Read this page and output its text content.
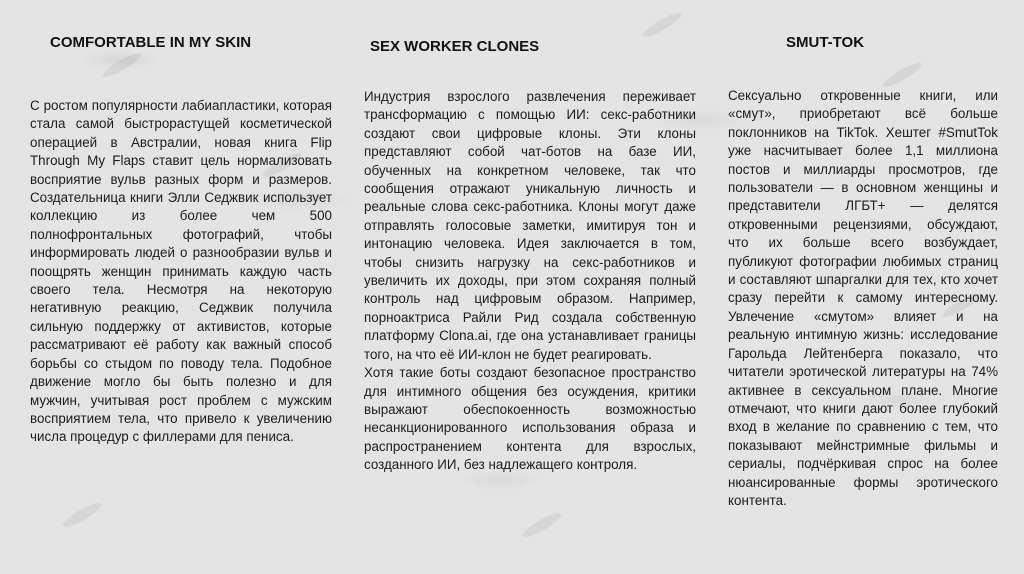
COMFORTABLE IN MY SKIN

С ростом популярности лабиапластики, которая стала самой быстрорастущей косметической операцией в Австралии, новая книга Flip Through My Flaps ставит цель нормализовать восприятие вульв разных форм и размеров. Создательница книги Элли Седжвик использует коллекцию из более чем 500 полнофронтальных фотографий, чтобы информировать людей о разнообразии вульв и поощрять женщин принимать каждую часть своего тела. Несмотря на некоторую негативную реакцию, Седжвик получила сильную поддержку от активистов, которые рассматривают её работу как важный способ борьбы со стыдом по поводу тела. Подобное движение могло бы быть полезно и для мужчин, учитывая рост проблем с мужским восприятием тела, что привело к увеличению числа процедур с филлерами для пениса.

SEX WORKER CLONES

Индустрия взрослого развлечения переживает трансформацию с помощью ИИ: секс-работники создают свои цифровые клоны. Эти клоны представляют собой чат-ботов на базе ИИ, обученных на конкретном человеке, так что сообщения отражают уникальную личность и реальные слова секс-работника. Клоны могут даже отправлять голосовые заметки, имитируя тон и интонацию человека. Идея заключается в том, чтобы снизить нагрузку на секс-работников и увеличить их доходы, при этом сохраняя полный контроль над цифровым образом. Например, порноактриса Райли Рид создала собственную платформу Clona.ai, где она устанавливает границы того, на что её ИИ-клон не будет реагировать.

Хотя такие боты создают безопасное пространство для интимного общения без осуждения, критики выражают обеспокоенность возможностью несанкционированного использования образа и распространением контента для взрослых, созданного ИИ, без надлежащего контроля.

SMUT-TOK

Сексуально откровенные книги, или «смут», приобретают всё больше поклонников на TikTok. Хештег #SmutTok уже насчитывает более 1,1 миллиона постов и миллиарды просмотров, где пользователи — в основном женщины и представители ЛГБТ+ — делятся откровенными рецензиями, обсуждают, что их больше всего возбуждает, публикуют фотографии любимых страниц и составляют шпаргалки для тех, кто хочет сразу перейти к самому интересному. Увлечение «смутом» влияет и на реальную интимную жизнь: исследование Гарольда Лейтенберга показало, что читатели эротической литературы на 74% активнее в сексуальном плане. Многие отмечают, что книги дают более глубокий вход в желание по сравнению с тем, что показывают мейнстримные фильмы и сериалы, подчёркивая спрос на более нюансированные формы эротического контента.
